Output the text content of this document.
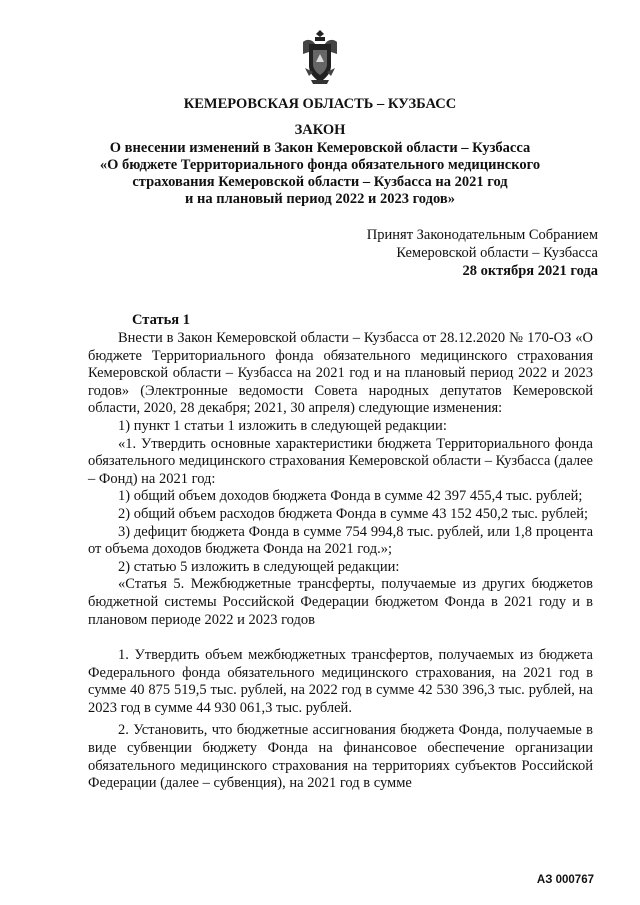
КЕМЕРОВСКАЯ ОБЛАСТЬ – КУЗБАСС
ЗАКОН
О внесении изменений в Закон Кемеровской области – Кузбасса
«О бюджете Территориального фонда обязательного медицинского
страхования Кемеровской области – Кузбасса на 2021 год
и на плановый период 2022 и 2023 годов»
Принят Законодательным Собранием
Кемеровской области – Кузбасса
28 октября 2021 года
Статья 1

Внести в Закон Кемеровской области – Кузбасса от 28.12.2020 № 170-ОЗ «О бюджете Территориального фонда обязательного медицинского страхования Кемеровской области – Кузбасса на 2021 год и на плановый период 2022 и 2023 годов» (Электронные ведомости Совета народных депутатов Кемеровской области, 2020, 28 декабря; 2021, 30 апреля) следующие изменения:

1) пункт 1 статьи 1 изложить в следующей редакции:

«1. Утвердить основные характеристики бюджета Территориального фонда обязательного медицинского страхования Кемеровской области – Кузбасса (далее – Фонд) на 2021 год:

1) общий объем доходов бюджета Фонда в сумме 42 397 455,4 тыс. рублей;

2) общий объем расходов бюджета Фонда в сумме 43 152 450,2 тыс. рублей;

3) дефицит бюджета Фонда в сумме 754 994,8 тыс. рублей, или 1,8 процента от объема доходов бюджета Фонда на 2021 год.»;

2) статью 5 изложить в следующей редакции:

«Статья 5. Межбюджетные трансферты, получаемые из других бюджетов бюджетной системы Российской Федерации бюджетом Фонда в 2021 году и в плановом периоде 2022 и 2023 годов

1. Утвердить объем межбюджетных трансфертов, получаемых из бюджета Федерального фонда обязательного медицинского страхования, на 2021 год в сумме 40 875 519,5 тыс. рублей, на 2022 год в сумме 42 530 396,3 тыс. рублей, на 2023 год в сумме 44 930 061,3 тыс. рублей.

2. Установить, что бюджетные ассигнования бюджета Фонда, получаемые в виде субвенции бюджету Фонда на финансовое обеспечение организации обязательного медицинского страхования на территориях субъектов Российской Федерации (далее – субвенция), на 2021 год в сумме

АЗ 000767
